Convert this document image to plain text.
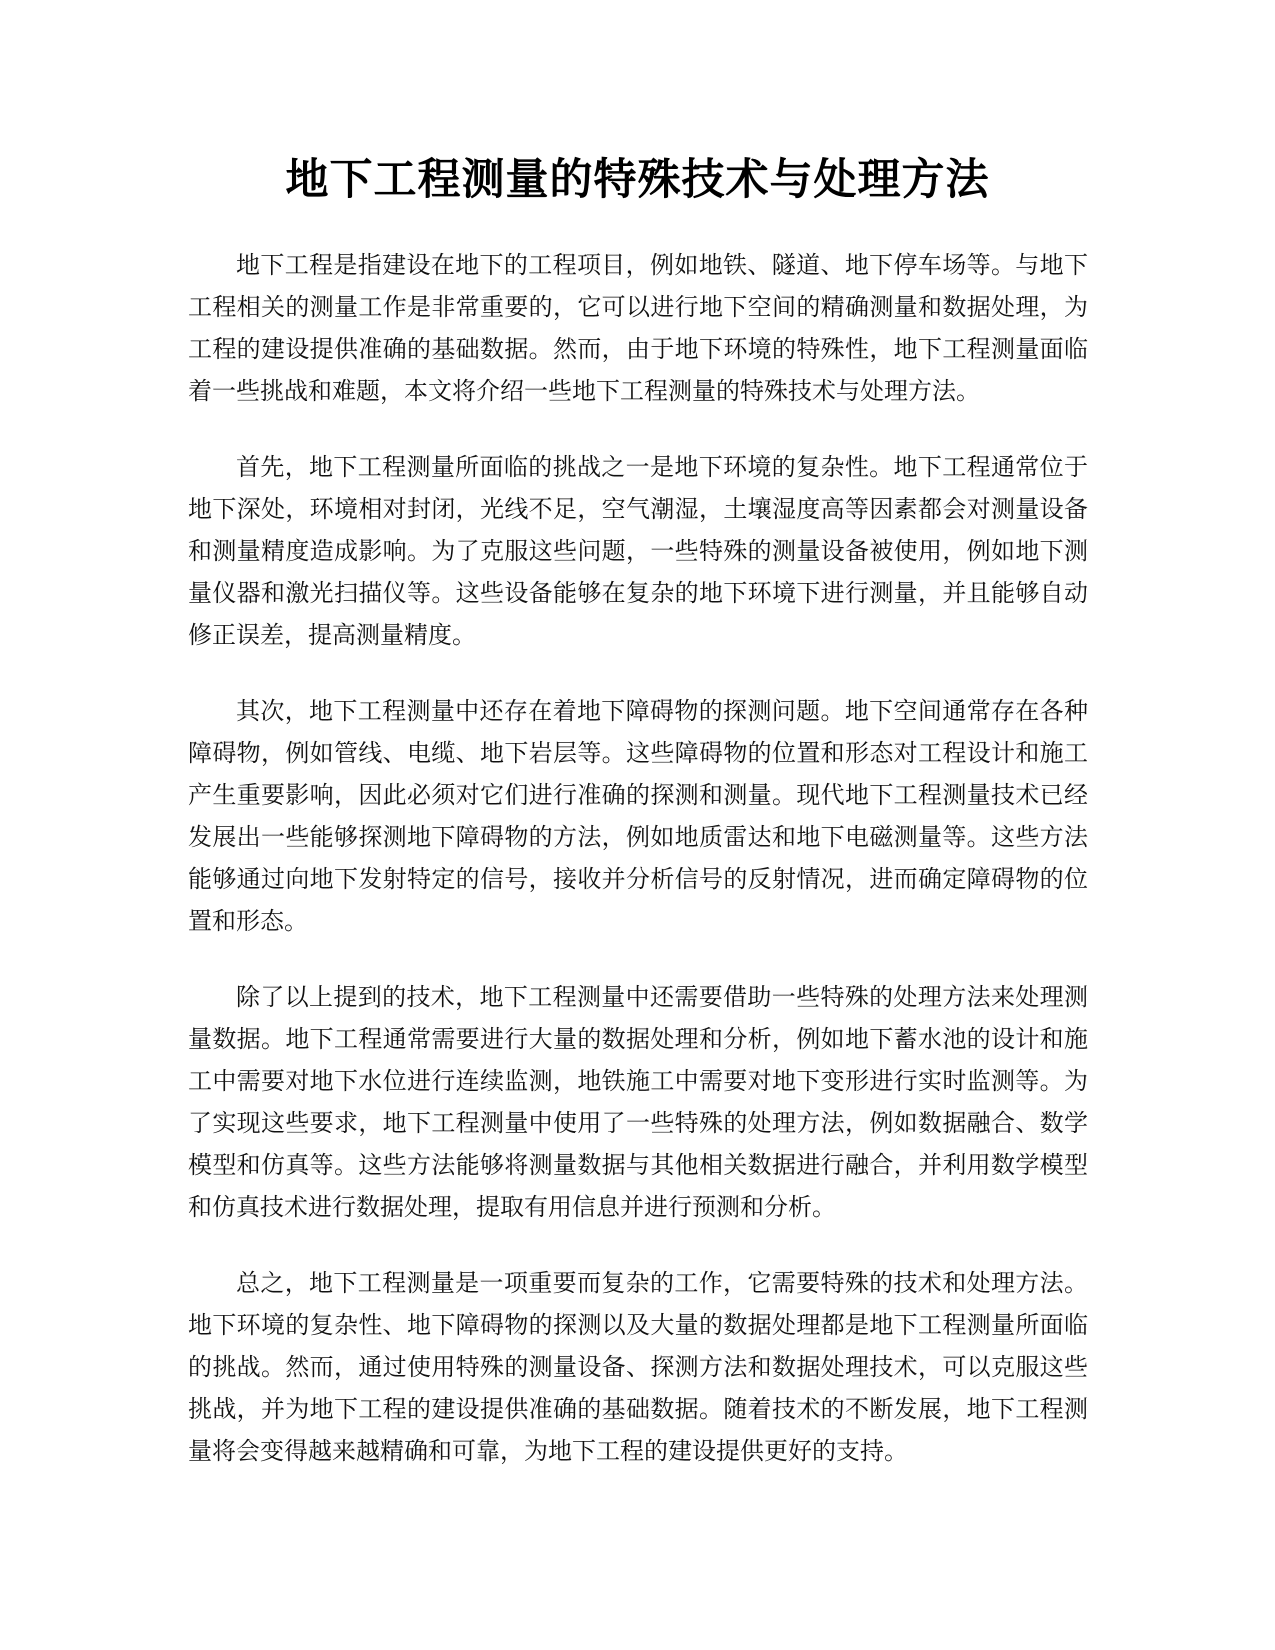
地下工程测量的特殊技术与处理方法

地下工程是指建设在地下的工程项目，例如地铁、隧道、地下停车场等。与地下工程相关的测量工作是非常重要的，它可以进行地下空间的精确测量和数据处理，为工程的建设提供准确的基础数据。然而，由于地下环境的特殊性，地下工程测量面临着一些挑战和难题，本文将介绍一些地下工程测量的特殊技术与处理方法。

首先，地下工程测量所面临的挑战之一是地下环境的复杂性。地下工程通常位于地下深处，环境相对封闭，光线不足，空气潮湿，土壤湿度高等因素都会对测量设备和测量精度造成影响。为了克服这些问题，一些特殊的测量设备被使用，例如地下测量仪器和激光扫描仪等。这些设备能够在复杂的地下环境下进行测量，并且能够自动修正误差，提高测量精度。

其次，地下工程测量中还存在着地下障碍物的探测问题。地下空间通常存在各种障碍物，例如管线、电缆、地下岩层等。这些障碍物的位置和形态对工程设计和施工产生重要影响，因此必须对它们进行准确的探测和测量。现代地下工程测量技术已经发展出一些能够探测地下障碍物的方法，例如地质雷达和地下电磁测量等。这些方法能够通过向地下发射特定的信号，接收并分析信号的反射情况，进而确定障碍物的位置和形态。

除了以上提到的技术，地下工程测量中还需要借助一些特殊的处理方法来处理测量数据。地下工程通常需要进行大量的数据处理和分析，例如地下蓄水池的设计和施工中需要对地下水位进行连续监测，地铁施工中需要对地下变形进行实时监测等。为了实现这些要求，地下工程测量中使用了一些特殊的处理方法，例如数据融合、数学模型和仿真等。这些方法能够将测量数据与其他相关数据进行融合，并利用数学模型和仿真技术进行数据处理，提取有用信息并进行预测和分析。

总之，地下工程测量是一项重要而复杂的工作，它需要特殊的技术和处理方法。地下环境的复杂性、地下障碍物的探测以及大量的数据处理都是地下工程测量所面临的挑战。然而，通过使用特殊的测量设备、探测方法和数据处理技术，可以克服这些挑战，并为地下工程的建设提供准确的基础数据。随着技术的不断发展，地下工程测量将会变得越来越精确和可靠，为地下工程的建设提供更好的支持。
